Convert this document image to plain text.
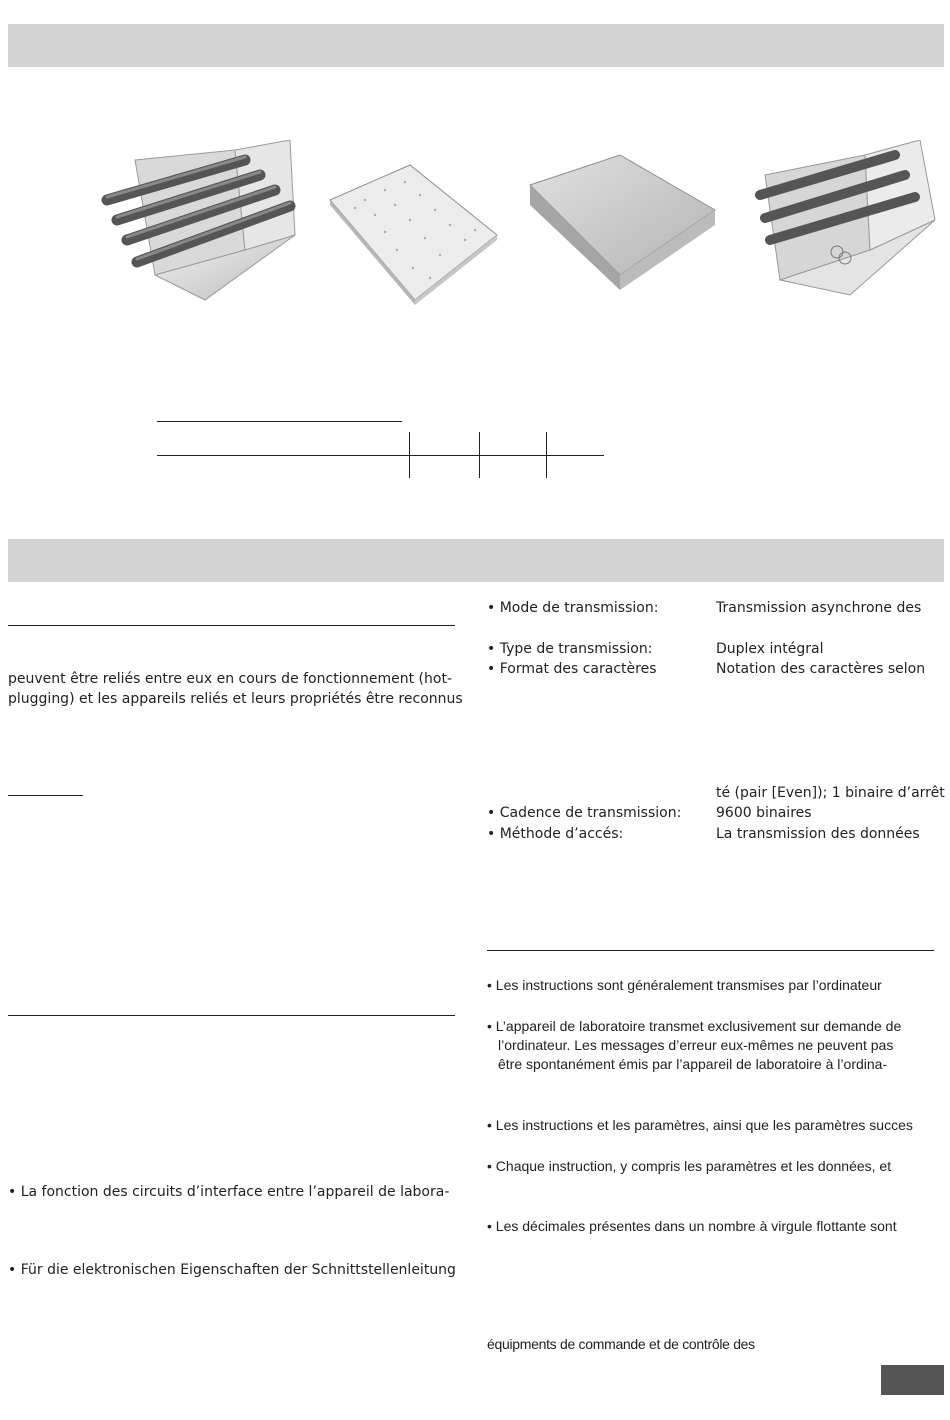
peuvent être reliés entre eux en cours de fonctionnement (hot-
plugging) et les appareils reliés et leurs propriétés être reconnus
• La fonction des circuits d’interface entre l’appareil de labora-
• Für die elektronischen Eigenschaften der Schnittstellenleitung
• Mode de transmission:	Transmission asynchrone des
• Type de transmission:	Duplex intégral
• Format des caractères	Notation des caractères selon
té (pair [Even]); 1 binaire d’arrêt
• Cadence de transmission: 9600 binaires
• Méthode d’accés:	La transmission des données
• Les instructions sont généralement transmises par l’ordinateur
• L’appareil de laboratoire transmet exclusivement sur demande de
l’ordinateur. Les messages d’erreur eux-mêmes ne peuvent pas
être spontanément émis par l’appareil de laboratoire à l’ordina-
• Les instructions et les paramètres, ainsi que les paramètres succes
• Chaque instruction, y compris les paramètres et les données, et
• Les décimales présentes dans un nombre à virgule flottante sont
équipments de commande et de contrôle des
